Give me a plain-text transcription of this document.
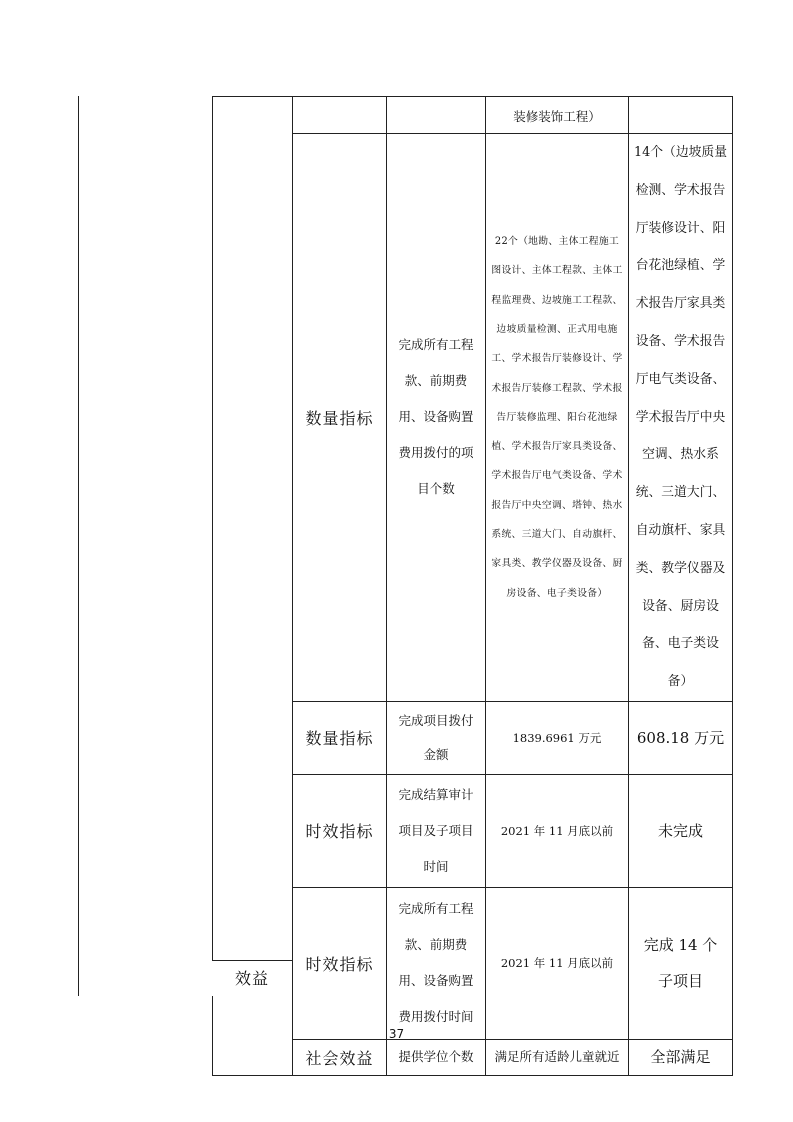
			装修装饰工程）	
	数量指标	完成所有工程款、前期费用、设备购置费用拨付的项目个数	22个（地勘、主体工程施工图设计、主体工程款、主体工程监理费、边坡施工工程款、边坡质量检测、正式用电施工、学术报告厅装修设计、学术报告厅装修工程款、学术报告厅装修监理、阳台花池绿植、学术报告厅家具类设备、学术报告厅电气类设备、学术报告厅中央空调、塔钟、热水系统、三道大门、自动旗杆、家具类、教学仪器及设备、厨房设备、电子类设备）	14个（边坡质量检测、学术报告厅装修设计、阳台花池绿植、学术报告厅家具类设备、学术报告厅电气类设备、学术报告厅中央空调、热水系统、三道大门、自动旗杆、家具类、教学仪器及设备、厨房设备、电子类设备）
	数量指标	完成项目拨付金额	1839.6961 万元	608.18 万元
	时效指标	完成结算审计项目及子项目时间	2021 年 11 月底以前	未完成
	时效指标	完成所有工程款、前期费用、设备购置费用拨付时间	2021 年 11 月底以前	完成 14 个子项目
	社会效益	提供学位个数	满足所有适龄儿童就近	全部满足
效益
37
